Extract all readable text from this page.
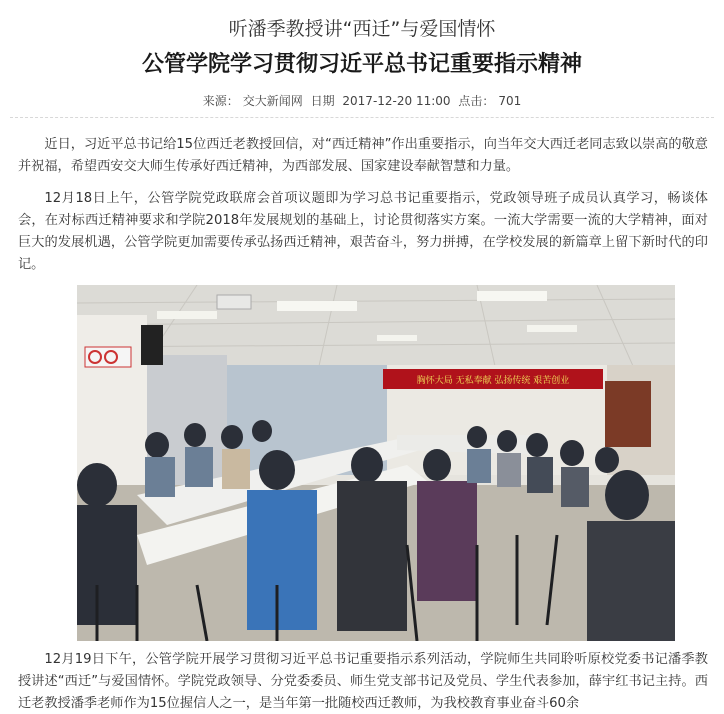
听潘季教授讲“西迁”与爱国情怀
公管学院学习贯彻习近平总书记重要指示精神
来源： 交大新闻网 日期 2017-12-20 11:00 点击： 701

近日，习近平总书记给15位西迁老教授回信，对“西迁精神”作出重要指示，向当年交大西迁老同志致以崇高的敬意并祝福，希望西安交大师生传承好西迁精神，为西部发展、国家建设奉献智慧和力量。

12月18日上午，公管学院党政联席会首项议题即为学习总书记重要指示，党政领导班子成员认真学习，畅谈体会，在对标西迁精神要求和学院2018年发展规划的基础上，讨论贯彻落实方案。一流大学需要一流的大学精神，面对巨大的发展机遇，公管学院更加需要传承弘扬西迁精神，艰苦奋斗，努力拼搏，在学校发展的新篇章上留下新时代的印记。

胸怀大局 无私奉献 弘扬传统 艰苦创业

12月19日下午，公管学院开展学习贯彻习近平总书记重要指示系列活动，学院师生共同聆听原校党委书记潘季教授讲述“西迁”与爱国情怀。学院党政领导、分党委委员、师生党支部书记及党员、学生代表参加，薛宇红书记主持。西迁老教授潘季老师作为15位握信人之一，是当年第一批随校西迁教师，为我校教育事业奋斗60余
